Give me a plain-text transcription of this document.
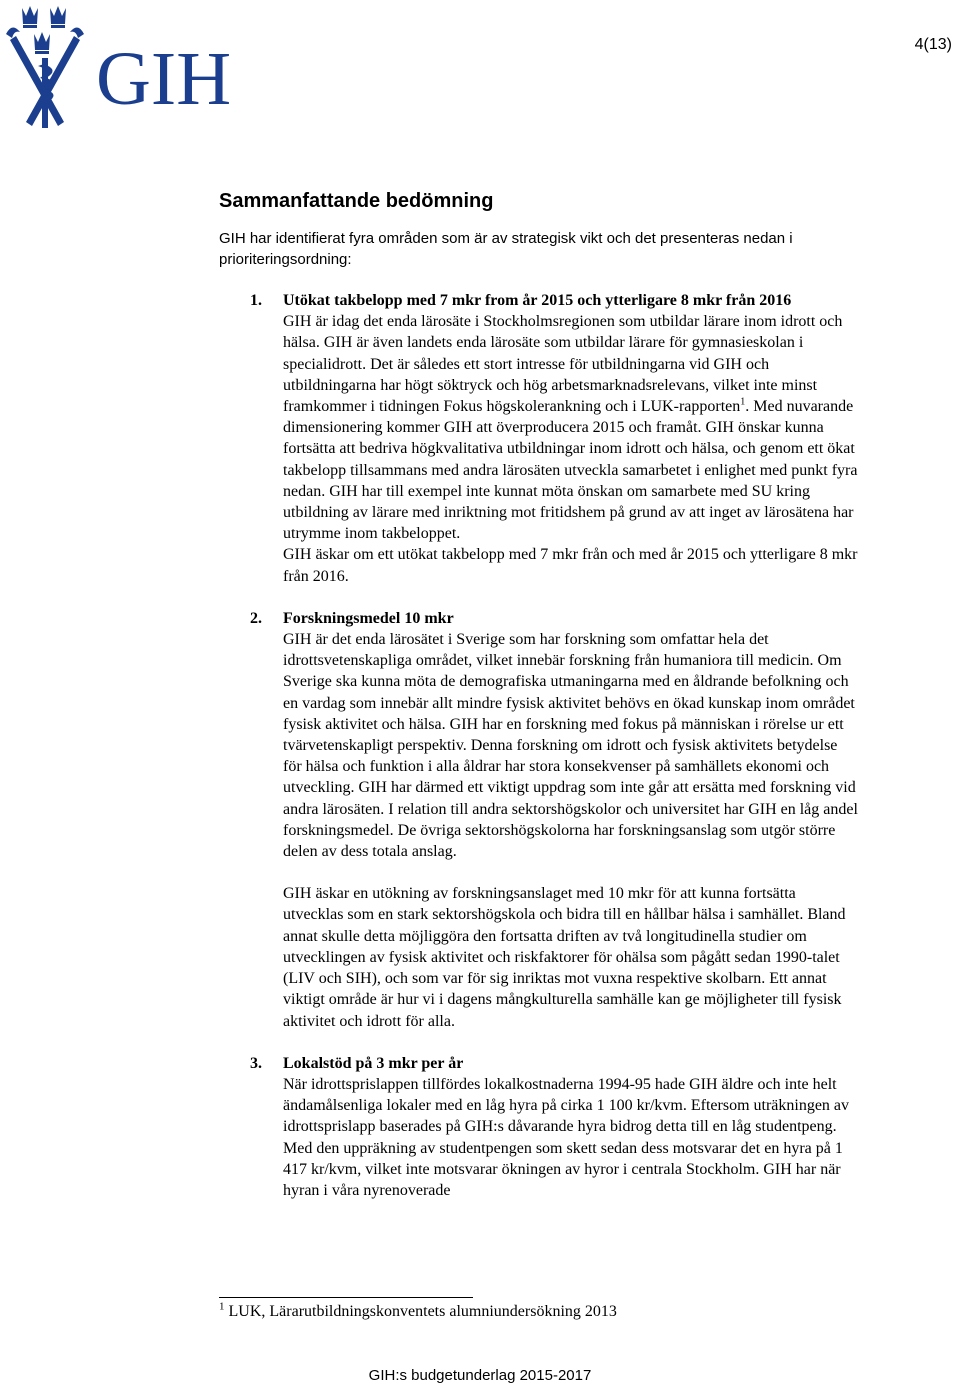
GIH	4(13)
Sammanfattande bedömning

GIH har identifierat fyra områden som är av strategisk vikt och det presenteras nedan i prioriteringsordning:

1. Utökat takbelopp med 7 mkr from år 2015 och ytterligare 8 mkr från 2016

GIH är idag det enda lärosäte i Stockholmsregionen som utbildar lärare inom idrott och hälsa. GIH är även landets enda lärosäte som utbildar lärare för gymnasieskolan i specialidrott. Det är således ett stort intresse för utbildningarna vid GIH och utbildningarna har högt söktryck och hög arbetsmarknadsrelevans, vilket inte minst framkommer i tidningen Fokus högskolerankning och i LUK-rapporten$^1$. Med nuvarande dimensionering kommer GIH att överproducera 2015 och framåt. GIH önskar kunna fortsätta att bedriva högkvalitativa utbildningar inom idrott och hälsa, och genom ett ökat takbelopp tillsammans med andra lärosäten utveckla samarbetet i enlighet med punkt fyra nedan. GIH har till exempel inte kunnat möta önskan om samarbete med SU kring utbildning av lärare med inriktning mot fritidshem på grund av att inget av lärosätena har utrymme inom takbeloppet.

GIH äskar om ett utökat takbelopp med 7 mkr från och med år 2015 och ytterligare 8 mkr från 2016.

2. Forskningsmedel 10 mkr

GIH är det enda lärosätet i Sverige som har forskning som omfattar hela det idrottsvetenskapliga området, vilket innebär forskning från humaniora till medicin. Om Sverige ska kunna möta de demografiska utmaningarna med en åldrande befolkning och en vardag som innebär allt mindre fysisk aktivitet behövs en ökad kunskap inom området fysisk aktivitet och hälsa. GIH har en forskning med fokus på människan i rörelse ur ett tvärvetenskapligt perspektiv. Denna forskning om idrott och fysisk aktivitets betydelse för hälsa och funktion i alla åldrar har stora konsekvenser på samhällets ekonomi och utveckling. GIH har därmed ett viktigt uppdrag som inte går att ersätta med forskning vid andra lärosäten. I relation till andra sektorshögskolor och universitet har GIH en låg andel forskningsmedel. De övriga sektorshögskolorna har forskningsanslag som utgör större delen av dess totala anslag.

GIH äskar en utökning av forskningsanslaget med 10 mkr för att kunna fortsätta utvecklas som en stark sektorshögskola och bidra till en hållbar hälsa i samhället. Bland annat skulle detta möjliggöra den fortsatta driften av två longitudinella studier om utvecklingen av fysisk aktivitet och riskfaktorer för ohälsa som pågått sedan 1990-talet (LIV och SIH), och som var för sig inriktas mot vuxna respektive skolbarn. Ett annat viktigt område är hur vi i dagens mångkulturella samhälle kan ge möjligheter till fysisk aktivitet och idrott för alla.

3. Lokalstöd på 3 mkr per år

När idrottsprislappen tillfördes lokalkostnaderna 1994-95 hade GIH äldre och inte helt ändamålsenliga lokaler med en låg hyra på cirka 1 100 kr/kvm. Eftersom uträkningen av idrottsprislapp baserades på GIH:s dåvarande hyra bidrog detta till en låg studentpeng. Med den uppräkning av studentpengen som skett sedan dess motsvarar det en hyra på 1 417 kr/kvm, vilket inte motsvarar ökningen av hyror i centrala Stockholm. GIH har när hyran i våra nyrenoverade

$^1$ LUK, Lärarutbildningskonventets alumniundersökning 2013
GIH:s budgetunderlag 2015-2017
